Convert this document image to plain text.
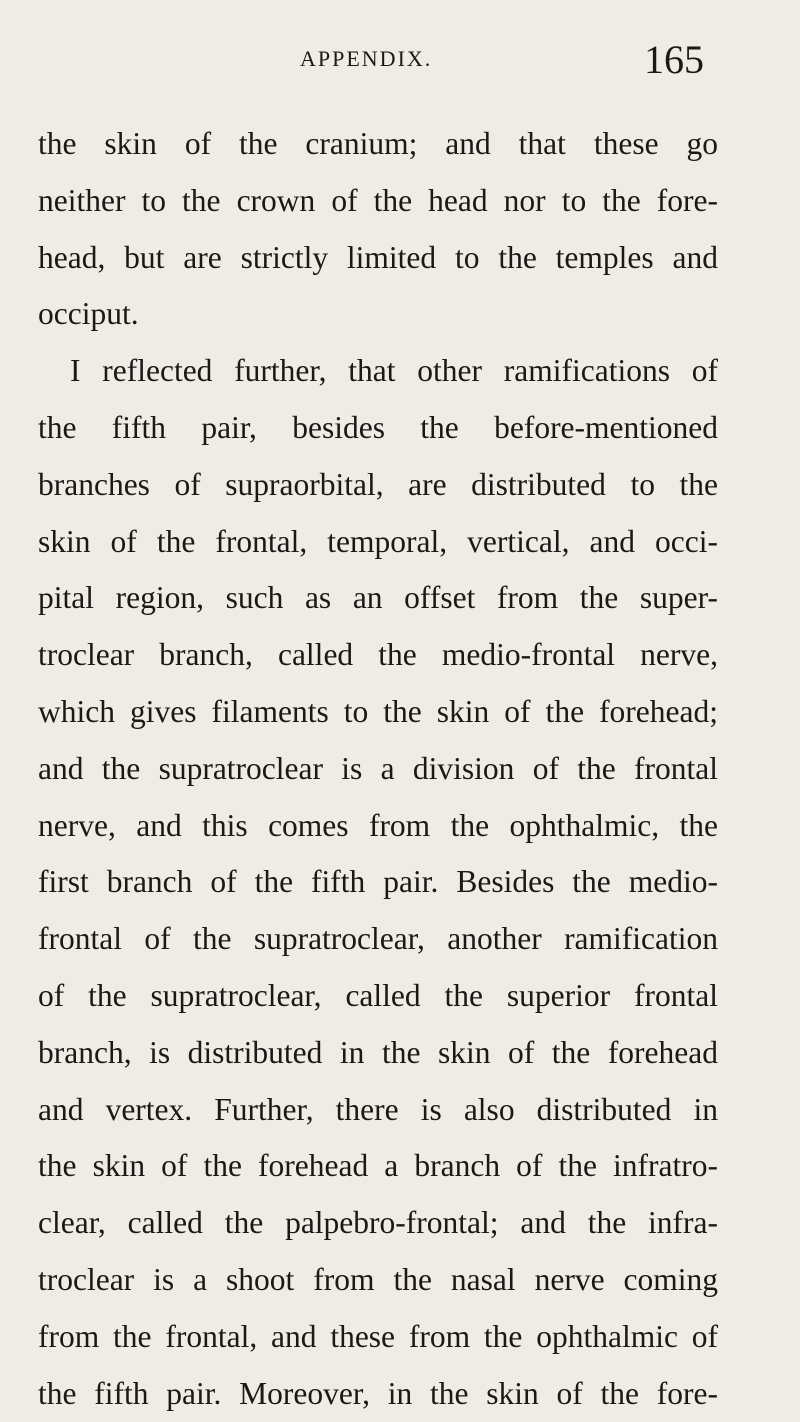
APPENDIX.	165
the skin of the cranium; and that these go
neither to the crown of the head nor to the fore-
head, but are strictly limited to the temples and
occiput.
I reflected further, that other ramifications of
the fifth pair, besides the before-mentioned
branches of supraorbital, are distributed to the
skin of the frontal, temporal, vertical, and occi-
pital region, such as an offset from the super-
troclear branch, called the medio-frontal nerve,
which gives filaments to the skin of the forehead;
and the supratroclear is a division of the frontal
nerve, and this comes from the ophthalmic, the
first branch of the fifth pair. Besides the medio-
frontal of the supratroclear, another ramification
of the supratroclear, called the superior frontal
branch, is distributed in the skin of the forehead
and vertex. Further, there is also distributed in
the skin of the forehead a branch of the infratro-
clear, called the palpebro-frontal; and the infra-
troclear is a shoot from the nasal nerve coming
from the frontal, and these from the ophthalmic of
the fifth pair. Moreover, in the skin of the fore-
